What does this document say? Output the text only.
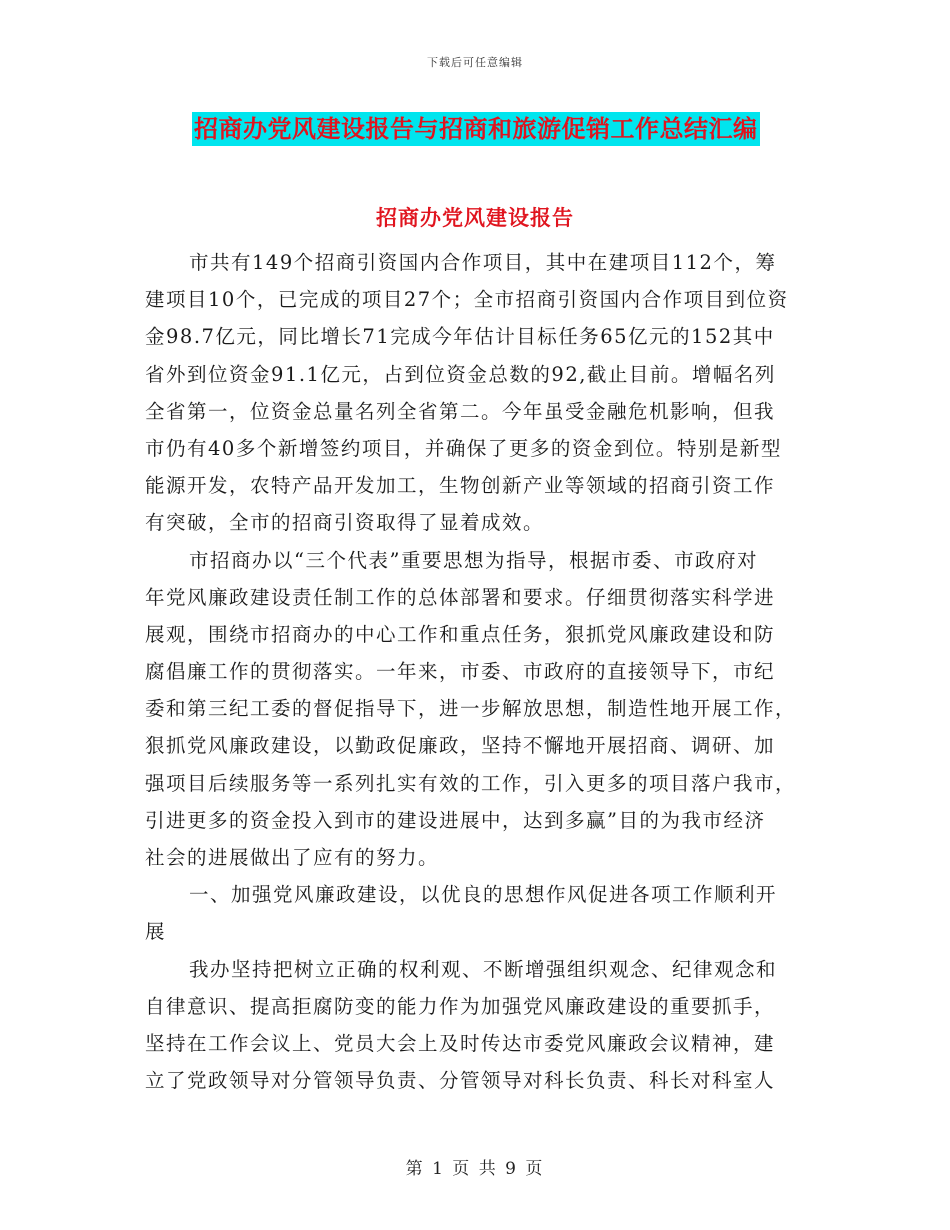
下载后可任意编辑
招商办党风建设报告与招商和旅游促销工作总结汇编
招商办党风建设报告
市共有149个招商引资国内合作项目，其中在建项目112个，筹
建项目10个，已完成的项目27个；全市招商引资国内合作项目到位资
金98.7亿元，同比增长71完成今年估计目标任务65亿元的152其中
省外到位资金91.1亿元，占到位资金总数的92,截止目前。增幅名列
全省第一，位资金总量名列全省第二。今年虽受金融危机影响，但我
市仍有40多个新增签约项目，并确保了更多的资金到位。特别是新型
能源开发，农特产品开发加工，生物创新产业等领域的招商引资工作
有突破，全市的招商引资取得了显着成效。
市招商办以“三个代表”重要思想为指导，根据市委、市政府对
年党风廉政建设责任制工作的总体部署和要求。仔细贯彻落实科学进
展观，围绕市招商办的中心工作和重点任务，狠抓党风廉政建设和防
腐倡廉工作的贯彻落实。一年来，市委、市政府的直接领导下，市纪
委和第三纪工委的督促指导下，进一步解放思想，制造性地开展工作，
狠抓党风廉政建设，以勤政促廉政，坚持不懈地开展招商、调研、加
强项目后续服务等一系列扎实有效的工作，引入更多的项目落户我市，
引进更多的资金投入到市的建设进展中，达到多赢”目的为我市经济
社会的进展做出了应有的努力。
一、加强党风廉政建设，以优良的思想作风促进各项工作顺利开
展
我办坚持把树立正确的权利观、不断增强组织观念、纪律观念和
自律意识、提高拒腐防变的能力作为加强党风廉政建设的重要抓手，
坚持在工作会议上、党员大会上及时传达市委党风廉政会议精神，建
立了党政领导对分管领导负责、分管领导对科长负责、科长对科室人
第 1 页 共 9 页
